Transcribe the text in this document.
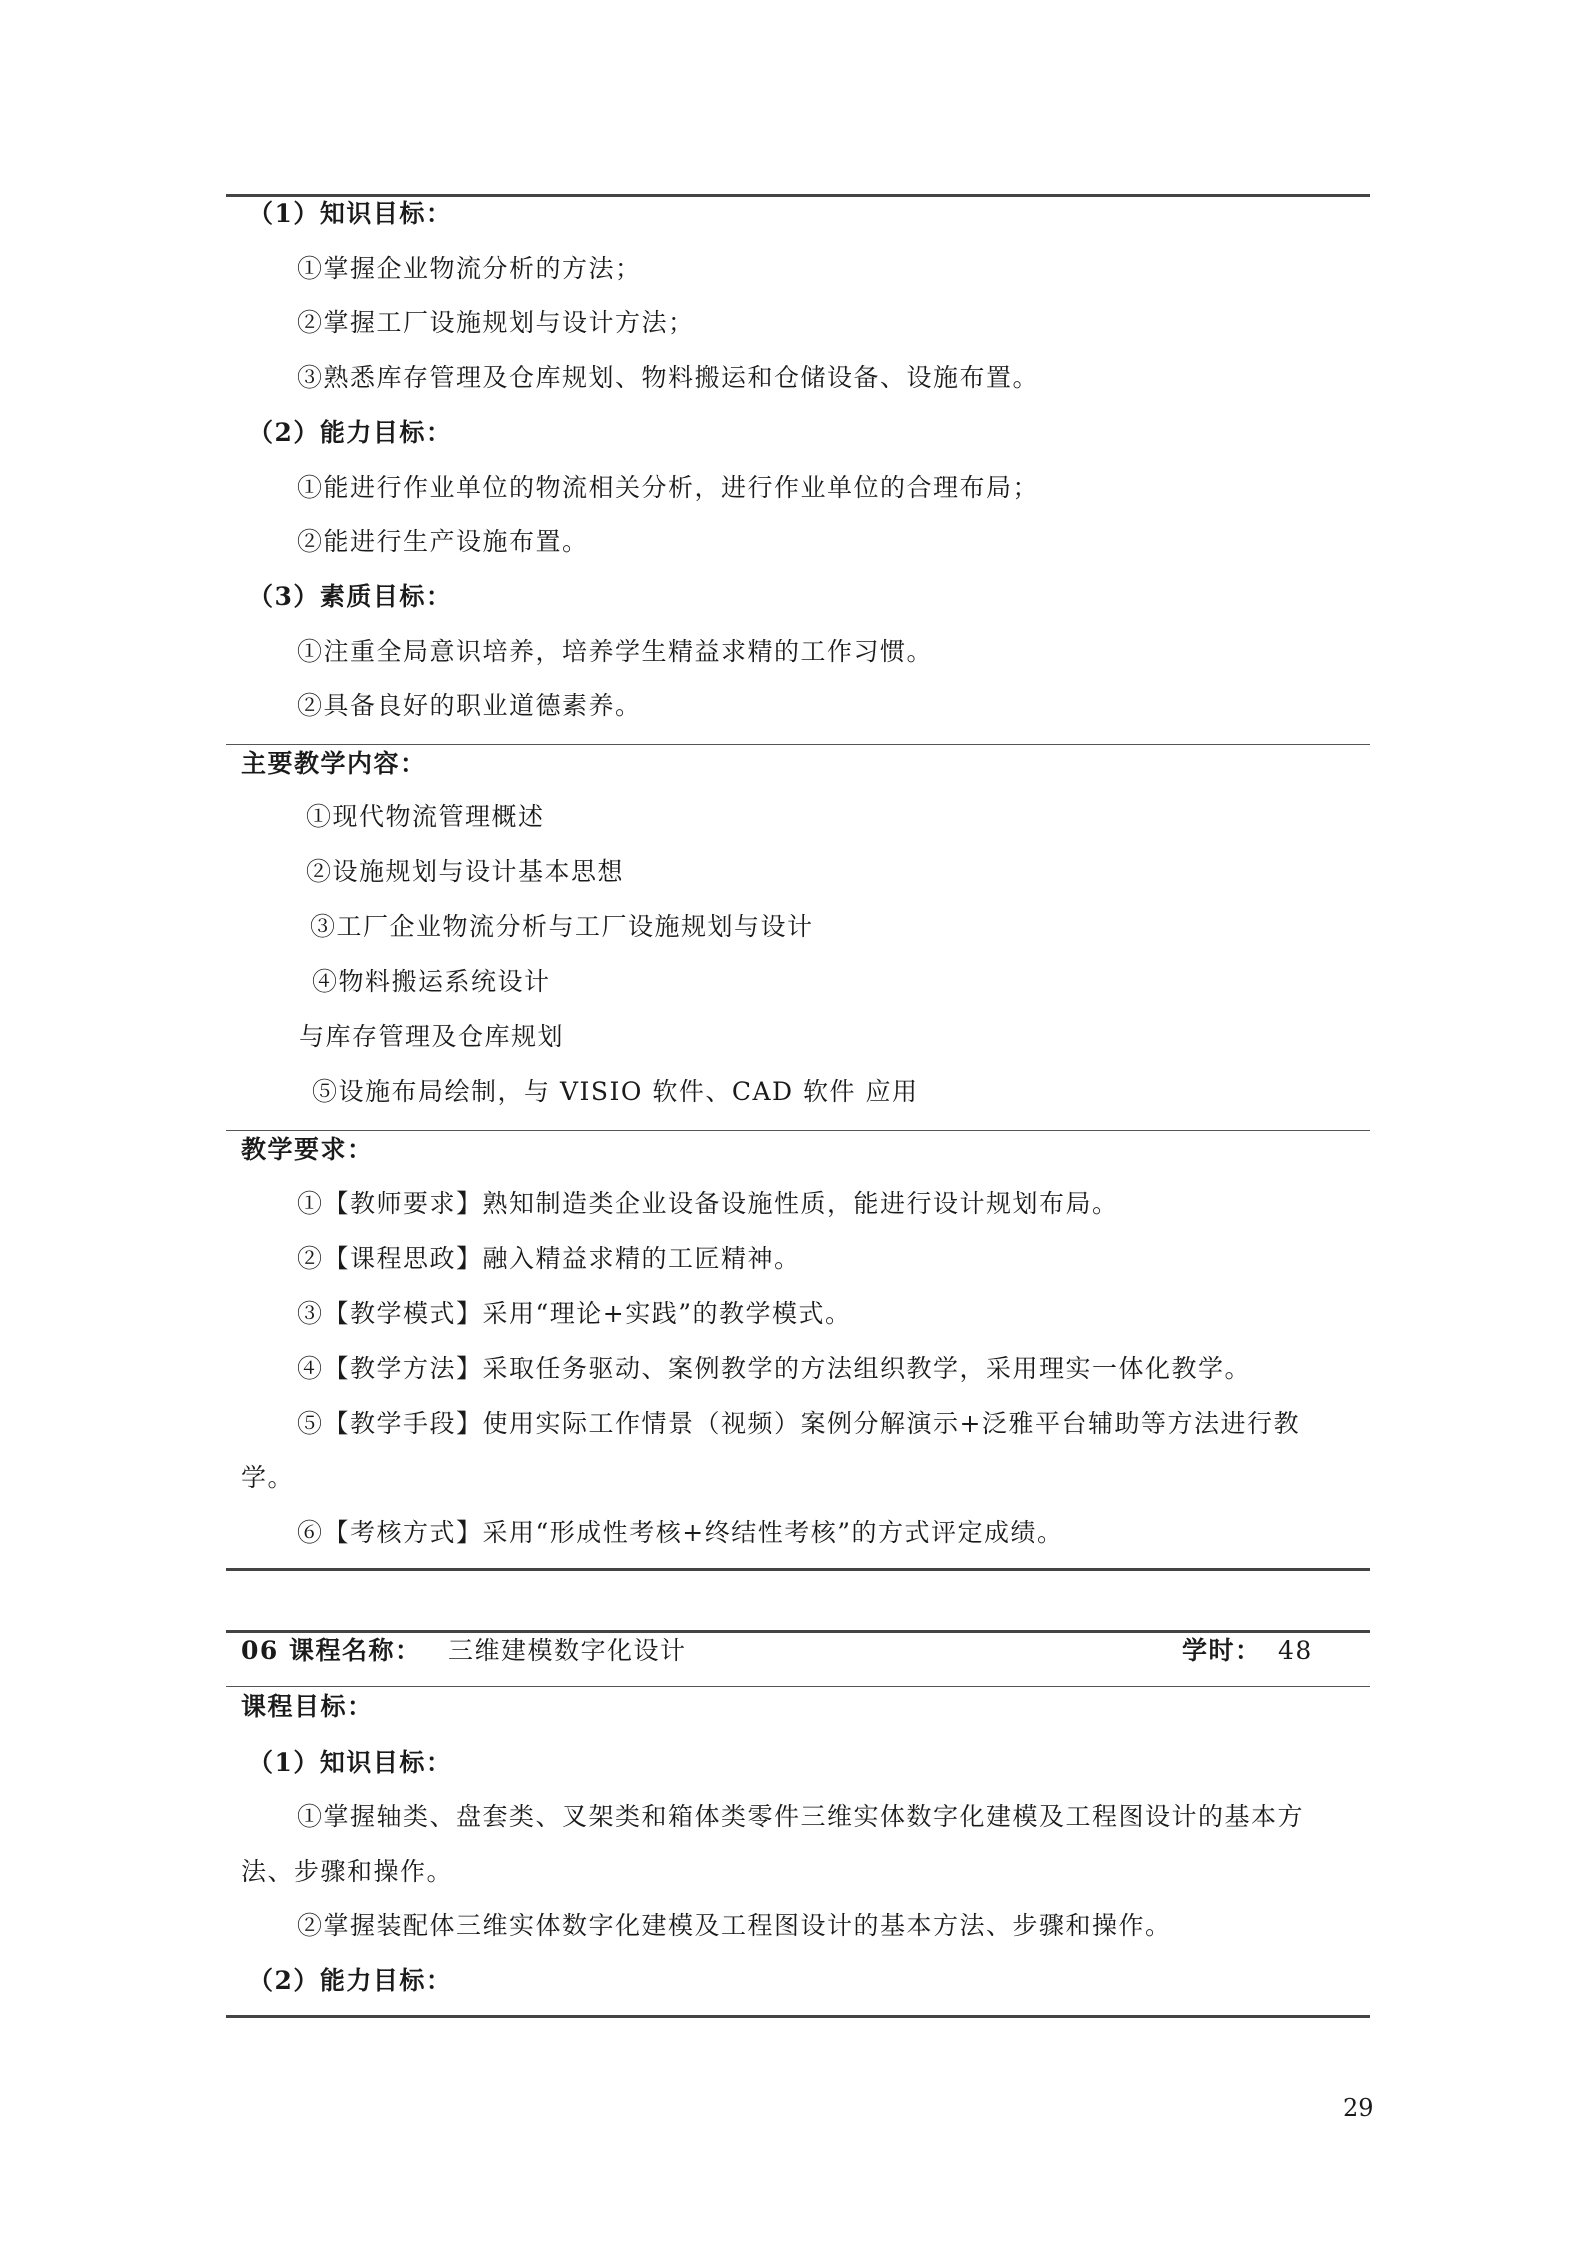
（1）知识目标：
①掌握企业物流分析的方法；
②掌握工厂设施规划与设计方法；
③熟悉库存管理及仓库规划、物料搬运和仓储设备、设施布置。
（2）能力目标：
①能进行作业单位的物流相关分析，进行作业单位的合理布局；
②能进行生产设施布置。
（3）素质目标：
①注重全局意识培养，培养学生精益求精的工作习惯。
②具备良好的职业道德素养。
主要教学内容：
①现代物流管理概述
②设施规划与设计基本思想
③工厂企业物流分析与工厂设施规划与设计
④物料搬运系统设计
与库存管理及仓库规划
⑤设施布局绘制，与 VISIO 软件、CAD 软件 应用
教学要求：
①【教师要求】熟知制造类企业设备设施性质，能进行设计规划布局。
②【课程思政】融入精益求精的工匠精神。
③【教学模式】采用“理论+实践”的教学模式。
④【教学方法】采取任务驱动、案例教学的方法组织教学，采用理实一体化教学。
⑤【教学手段】使用实际工作情景（视频）案例分解演示+泛雅平台辅助等方法进行教
学。
⑥【考核方式】采用“形成性考核+终结性考核”的方式评定成绩。
06 课程名称： 三维建模数字化设计	学时： 48
课程目标：
（1）知识目标：
①掌握轴类、盘套类、叉架类和箱体类零件三维实体数字化建模及工程图设计的基本方
法、步骤和操作。
②掌握装配体三维实体数字化建模及工程图设计的基本方法、步骤和操作。
（2）能力目标：
29
